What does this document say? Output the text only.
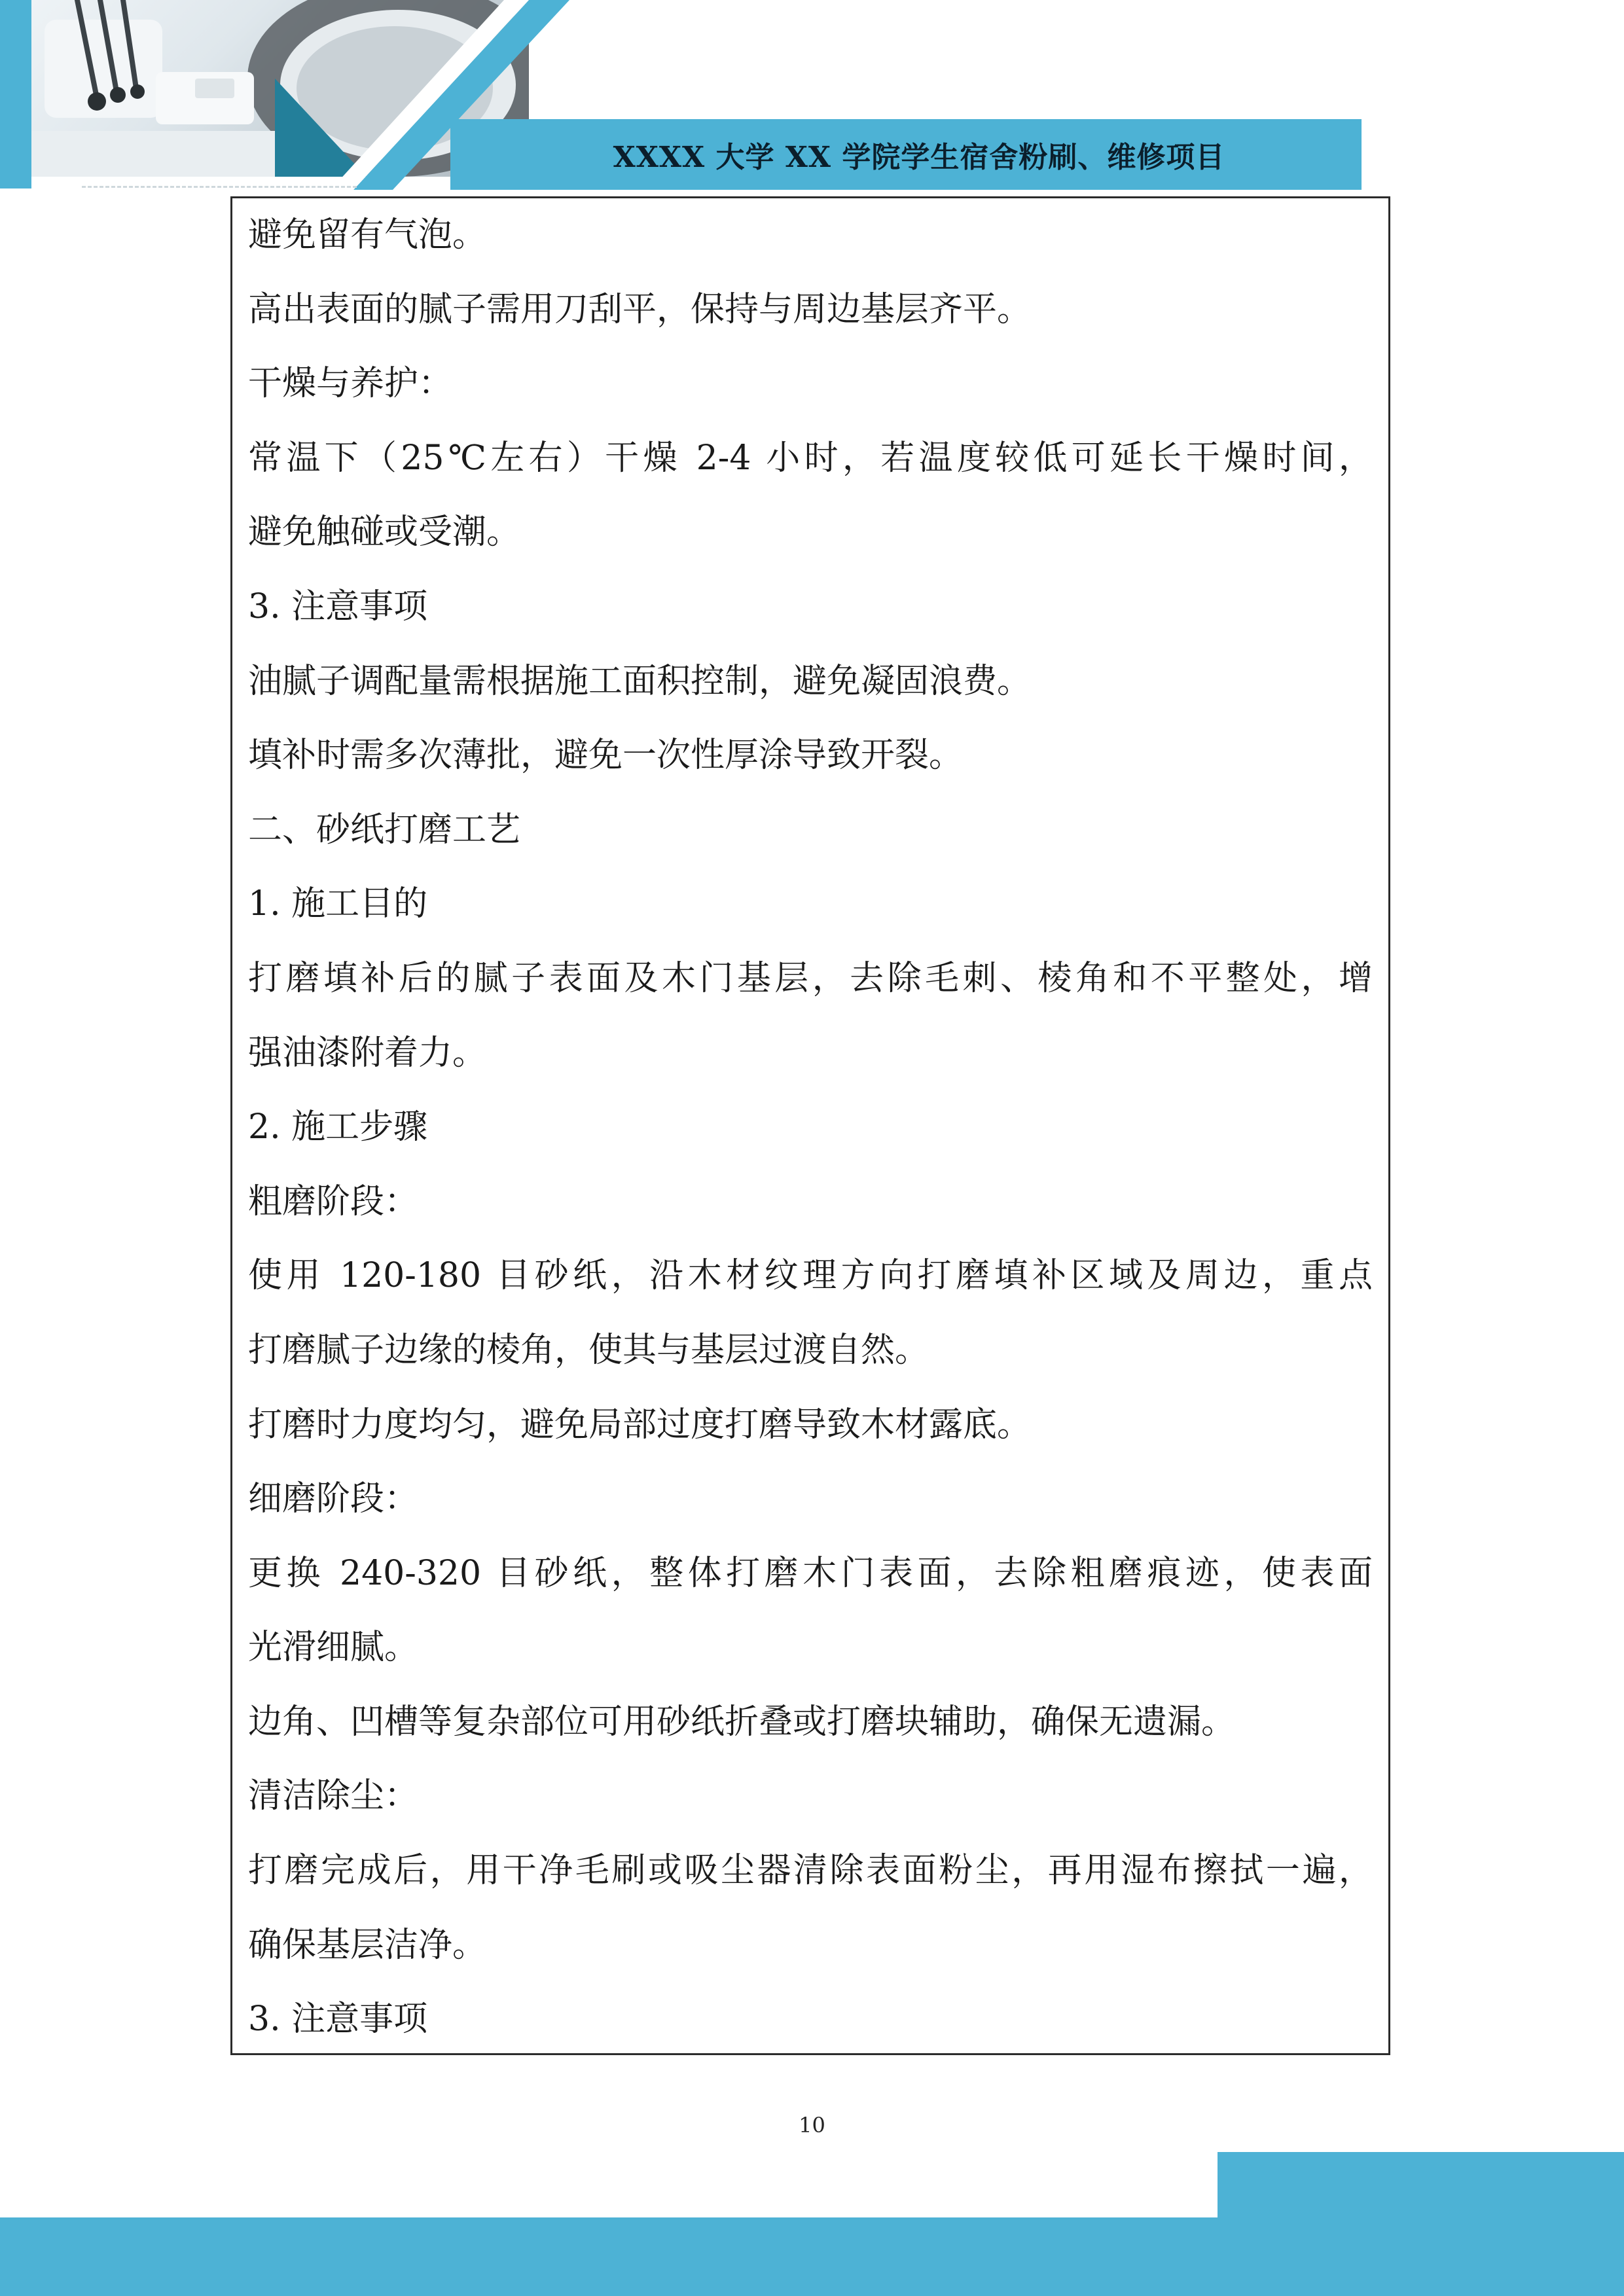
XXXX 大学 XX 学院学生宿舍粉刷、维修项目
避免留有气泡。
高出表面的腻子需用刀刮平，保持与周边基层齐平。
干燥与养护：
常温下（25℃左右）干燥 2-4 小时，若温度较低可延长干燥时间，
避免触碰或受潮。
3. 注意事项
油腻子调配量需根据施工面积控制，避免凝固浪费。
填补时需多次薄批，避免一次性厚涂导致开裂。
二、砂纸打磨工艺
1. 施工目的
打磨填补后的腻子表面及木门基层，去除毛刺、棱角和不平整处，增
强油漆附着力。
2. 施工步骤
粗磨阶段：
使用 120-180 目砂纸，沿木材纹理方向打磨填补区域及周边，重点
打磨腻子边缘的棱角，使其与基层过渡自然。
打磨时力度均匀，避免局部过度打磨导致木材露底。
细磨阶段：
更换 240-320 目砂纸，整体打磨木门表面，去除粗磨痕迹，使表面
光滑细腻。
边角、凹槽等复杂部位可用砂纸折叠或打磨块辅助，确保无遗漏。
清洁除尘：
打磨完成后，用干净毛刷或吸尘器清除表面粉尘，再用湿布擦拭一遍，
确保基层洁净。
3. 注意事项
10
